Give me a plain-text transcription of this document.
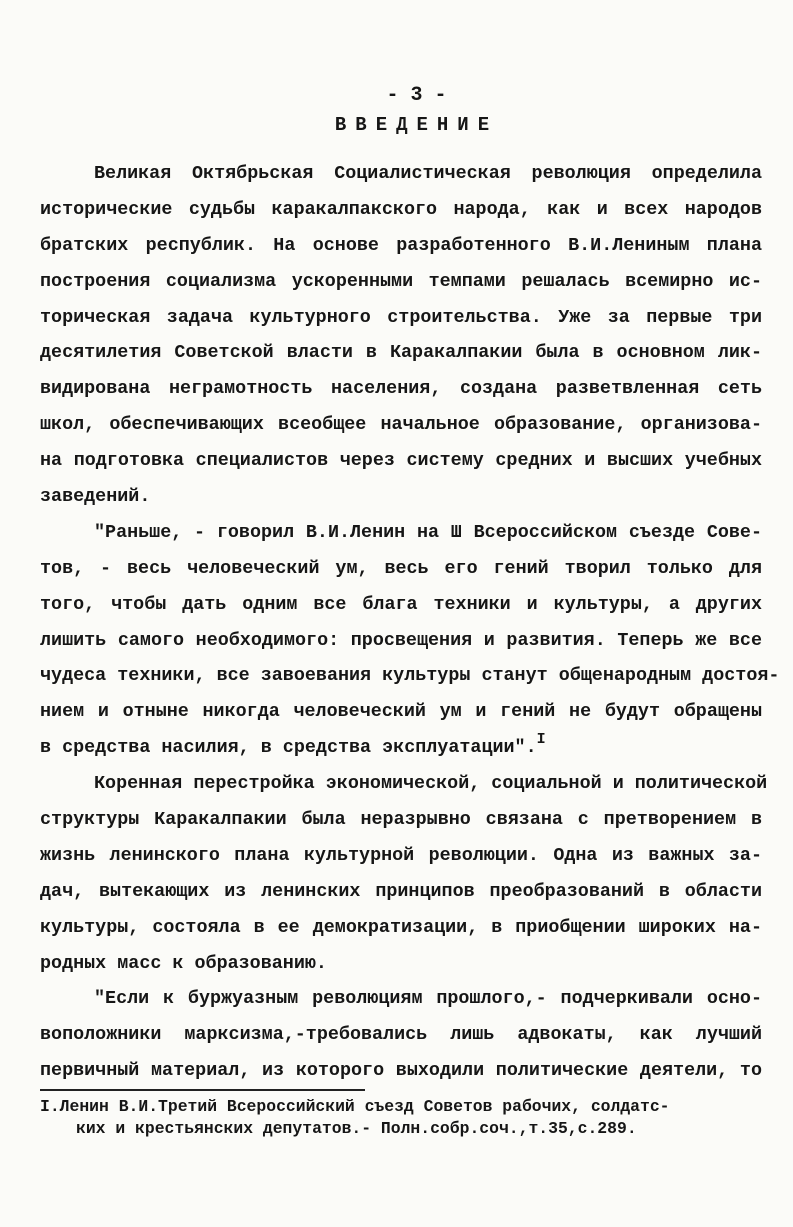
- 3 -
ВВЕДЕНИЕ
Великая Октябрьская Социалистическая революция определила
исторические судьбы каракалпакского народа, как и всех народов
братских республик. На основе разработенного В.И.Лениным плана
построения социализма ускоренными темпами решалась всемирно ис-
торическая задача культурного строительства. Уже за первые три
десятилетия Советской власти в Каракалпакии была в основном лик-
видирована неграмотность населения, создана разветвленная сеть
школ, обеспечивающих всеобщее начальное образование, организова-
на подготовка специалистов через систему средних и высших учебных
заведений.
"Раньше, - говорил В.И.Ленин на Ш Всероссийском съезде Сове-
тов, - весь человеческий ум, весь его гений творил только для
того, чтобы дать одним все блага техники и культуры, а других
лишить самого необходимого: просвещения и развития. Теперь же все
чудеса техники, все завоевания культуры станут общенародным достоя-
нием и отныне никогда человеческий ум и гений не будут обращены
в средства насилия, в средства эксплуатации".$^I$
Коренная перестройка экономической, социальной и политической
структуры Каракалпакии была неразрывно связана с претворением в
жизнь ленинского плана культурной революции. Одна из важных за-
дач, вытекающих из ленинских принципов преобразований в области
культуры, состояла в ее демократизации, в приобщении широких на-
родных масс к образованию.
"Если к буржуазным революциям прошлого,- подчеркивали осно-
воположники марксизма,-требовались лишь адвокаты, как лучший
первичный материал, из которого выходили политические деятели, то
I.Ленин В.И.Третий Всероссийский съезд Советов рабочих, солдатс-
ких и крестьянских депутатов.- Полн.собр.соч.,т.35,с.289.
